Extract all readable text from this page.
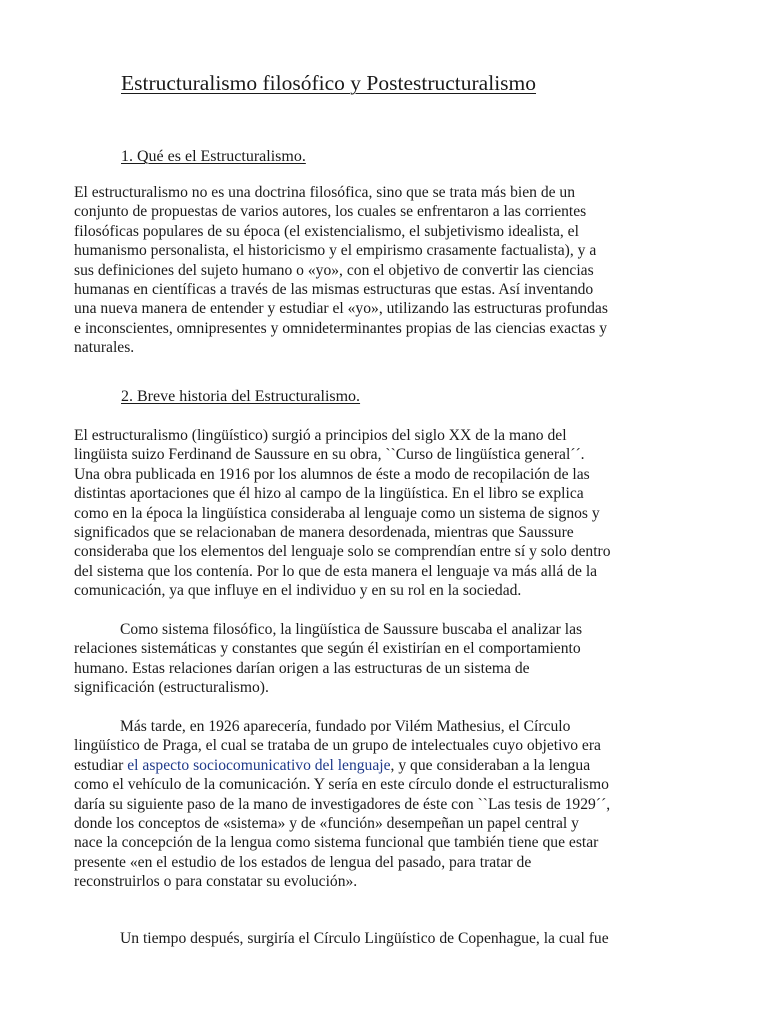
Estructuralismo filosófico y Postestructuralismo
1. Qué es el Estructuralismo.
El estructuralismo no es una doctrina filosófica, sino que se trata más bien de un
conjunto de propuestas de varios autores, los cuales se enfrentaron a las corrientes
filosóficas populares de su época (el existencialismo, el subjetivismo idealista, el
humanismo personalista, el historicismo y el empirismo crasamente factualista), y a
sus definiciones del sujeto humano o «yo», con el objetivo de convertir las ciencias
humanas en científicas a través de las mismas estructuras que estas. Así inventando
una nueva manera de entender y estudiar el «yo», utilizando las estructuras profundas
e inconscientes, omnipresentes y omnideterminantes propias de las ciencias exactas y
naturales.
2. Breve historia del Estructuralismo.
El estructuralismo (lingüístico) surgió a principios del siglo XX de la mano del
lingüista suizo Ferdinand de Saussure en su obra, ``Curso de lingüística general´´.
Una obra publicada en 1916 por los alumnos de éste a modo de recopilación de las
distintas aportaciones que él hizo al campo de la lingüística. En el libro se explica
como en la época la lingüística consideraba al lenguaje como un sistema de signos y
significados que se relacionaban de manera desordenada, mientras que Saussure
consideraba que los elementos del lenguaje solo se comprendían entre sí y solo dentro
del sistema que los contenía. Por lo que de esta manera el lenguaje va más allá de la
comunicación, ya que influye en el individuo y en su rol en la sociedad.
Como sistema filosófico, la lingüística de Saussure buscaba el analizar las
relaciones sistemáticas y constantes que según él existirían en el comportamiento
humano. Estas relaciones darían origen a las estructuras de un sistema de
significación (estructuralismo).
Más tarde, en 1926 aparecería, fundado por Vilém Mathesius, el Círculo
lingüístico de Praga, el cual se trataba de un grupo de intelectuales cuyo objetivo era
estudiar el aspecto sociocomunicativo del lenguaje, y que consideraban a la lengua
como el vehículo de la comunicación. Y sería en este círculo donde el estructuralismo
daría su siguiente paso de la mano de investigadores de éste con ``Las tesis de 1929´´,
donde los conceptos de «sistema» y de «función» desempeñan un papel central y
nace la concepción de la lengua como sistema funcional que también tiene que estar
presente «en el estudio de los estados de lengua del pasado, para tratar de
reconstruirlos o para constatar su evolución».
Un tiempo después, surgiría el Círculo Lingüístico de Copenhague, la cual fue
